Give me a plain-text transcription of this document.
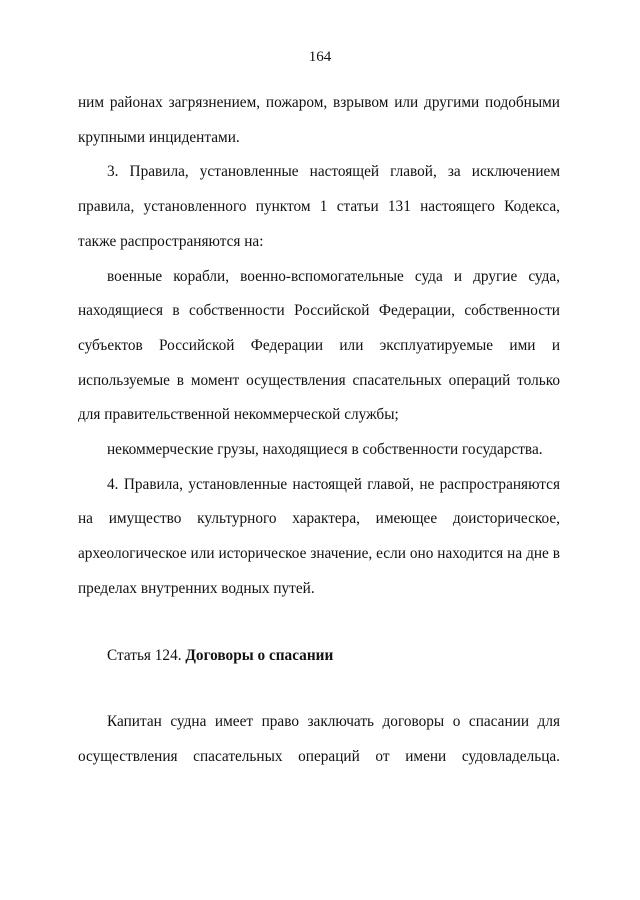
164

ним районах загрязнением, пожаром, взрывом или другими подобными крупными инцидентами.

3. Правила, установленные настоящей главой, за исключением правила, установленного пунктом 1 статьи 131 настоящего Кодекса, также распространяются на:

военные корабли, военно-вспомогательные суда и другие суда, находящиеся в собственности Российской Федерации, собственности субъектов Российской Федерации или эксплуатируемые ими и используемые в момент осуществления спасательных операций только для правительственной некоммерческой службы;

некоммерческие грузы, находящиеся в собственности государства.

4. Правила, установленные настоящей главой, не распространяются на имущество культурного характера, имеющее доисторическое, археологическое или историческое значение, если оно находится на дне в пределах внутренних водных путей.

Статья 124. Договоры о спасании

Капитан судна имеет право заключать договоры о спасании для осуществления спасательных операций от имени судовладельца.
